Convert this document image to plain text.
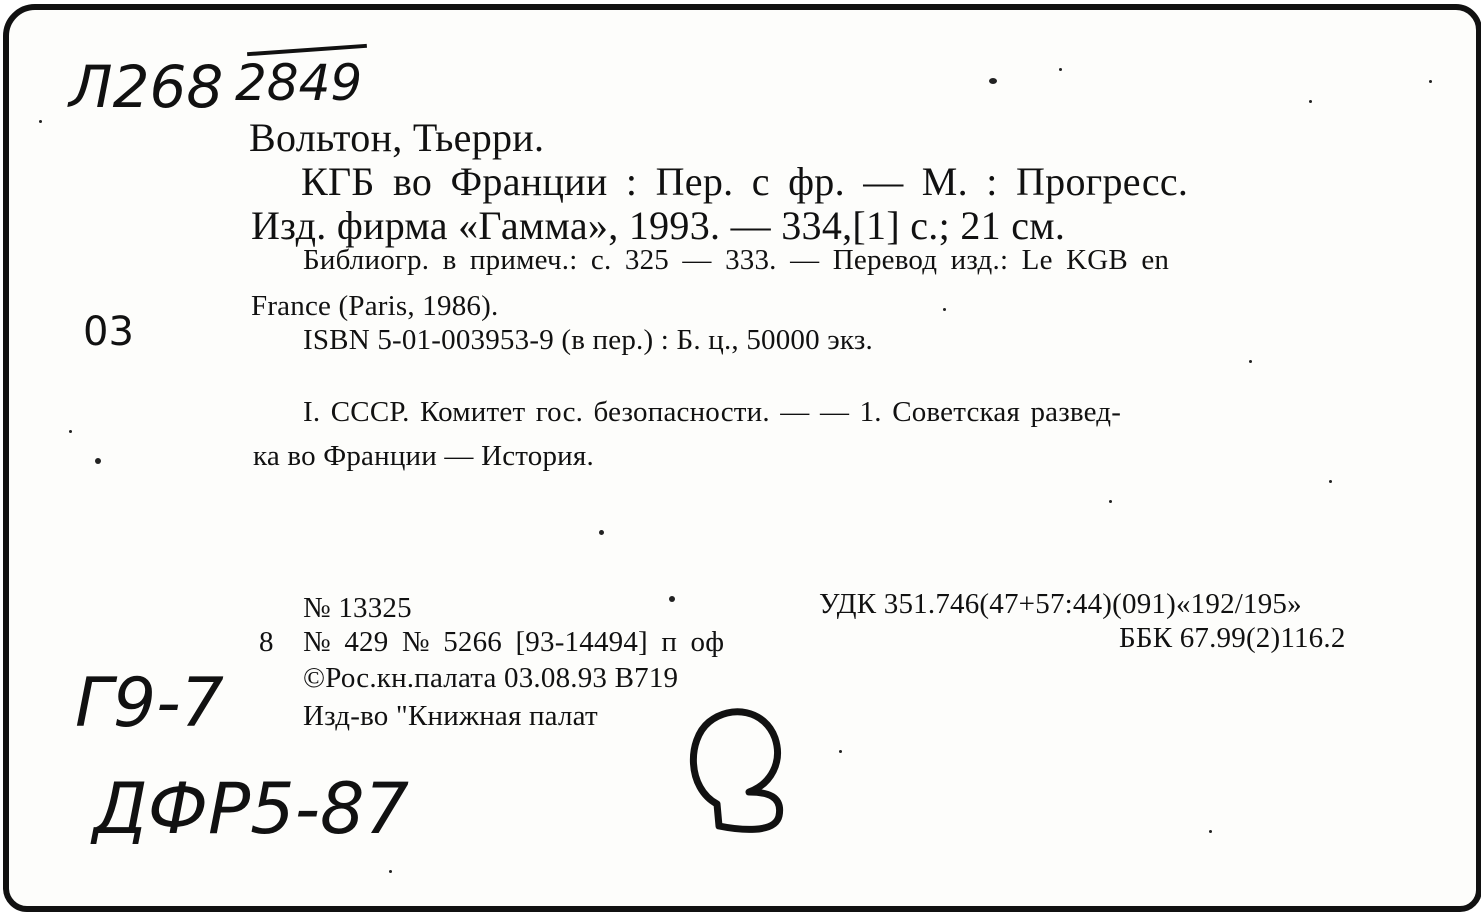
Л268 2849
Вольтон, Тьерри.
КГБ во Франции : Пер. с фр. — М. : Прогресс.
Изд. фирма «Гамма», 1993. — 334,[1] с.; 21 см.
Библиогр. в примеч.: с. 325 — 333. — Перевод изд.: Le KGB en
France (Paris, 1986).
03	ISBN 5-01-003953-9 (в пер.) : Б. ц., 50000 экз.
I. СССР. Комитет гос. безопасности. — — 1. Советская развед-
ка во Франции — История.
№ 13325
8 № 429 № 5266 [93-14494] п оф
©Рос.кн.палата 03.08.93 В719
Изд-во "Книжная палат
УДК 351.746(47+57:44)(091)«192/195»
ББК 67.99(2)116.2
Г9-7
ДФР5-87
